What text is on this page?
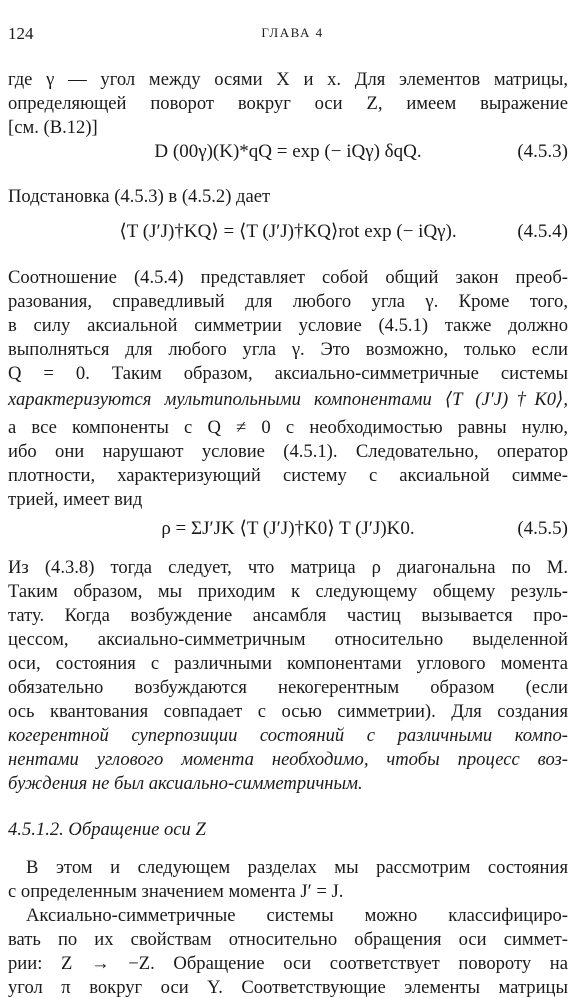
124	ГЛАВА 4
где γ — угол между осями X и x. Для элементов матрицы,
определяющей поворот вокруг оси Z, имеем выражение
[см. (В.12)]
D (00γ)(K)*qQ = exp (− iQγ) δqQ.	(4.5.3)
Подстановка (4.5.3) в (4.5.2) дает
⟨T (J′J)†KQ⟩ = ⟨T (J′J)†KQ⟩rot exp (− iQγ).	(4.5.4)
Соотношение (4.5.4) представляет собой общий закон преоб-
разования, справедливый для любого угла γ. Кроме того,
в силу аксиальной симметрии условие (4.5.1) также должно
выполняться для любого угла γ. Это возможно, только если
Q = 0. Таким образом, аксиально-симметричные системы
характеризуются мультипольными компонентами ⟨T (J′J)†K0⟩,
а все компоненты с Q ≠ 0 с необходимостью равны нулю,
ибо они нарушают условие (4.5.1). Следовательно, оператор
плотности, характеризующий систему с аксиальной симме-
трией, имеет вид
ρ = ΣJ′JK ⟨T (J′J)†K0⟩ T (J′J)K0.	(4.5.5)
Из (4.3.8) тогда следует, что матрица ρ диагональна по M.
Таким образом, мы приходим к следующему общему резуль-
тату. Когда возбуждение ансамбля частиц вызывается про-
цессом, аксиально-симметричным относительно выделенной
оси, состояния с различными компонентами углового момента
обязательно возбуждаются некогерентным образом (если
ось квантования совпадает с осью симметрии). Для создания
когерентной суперпозиции состояний с различными компо-
нентами углового момента необходимо, чтобы процесс воз-
буждения не был аксиально-симметричным.
4.5.1.2. Обращение оси Z
В этом и следующем разделах мы рассмотрим состояния
с определенным значением момента J′ = J.
Аксиально-симметричные системы можно классифициро-
вать по их свойствам относительно обращения оси симмет-
рии: Z → −Z. Обращение оси соответствует повороту на
угол π вокруг оси Y. Соответствующие элементы матрицы
